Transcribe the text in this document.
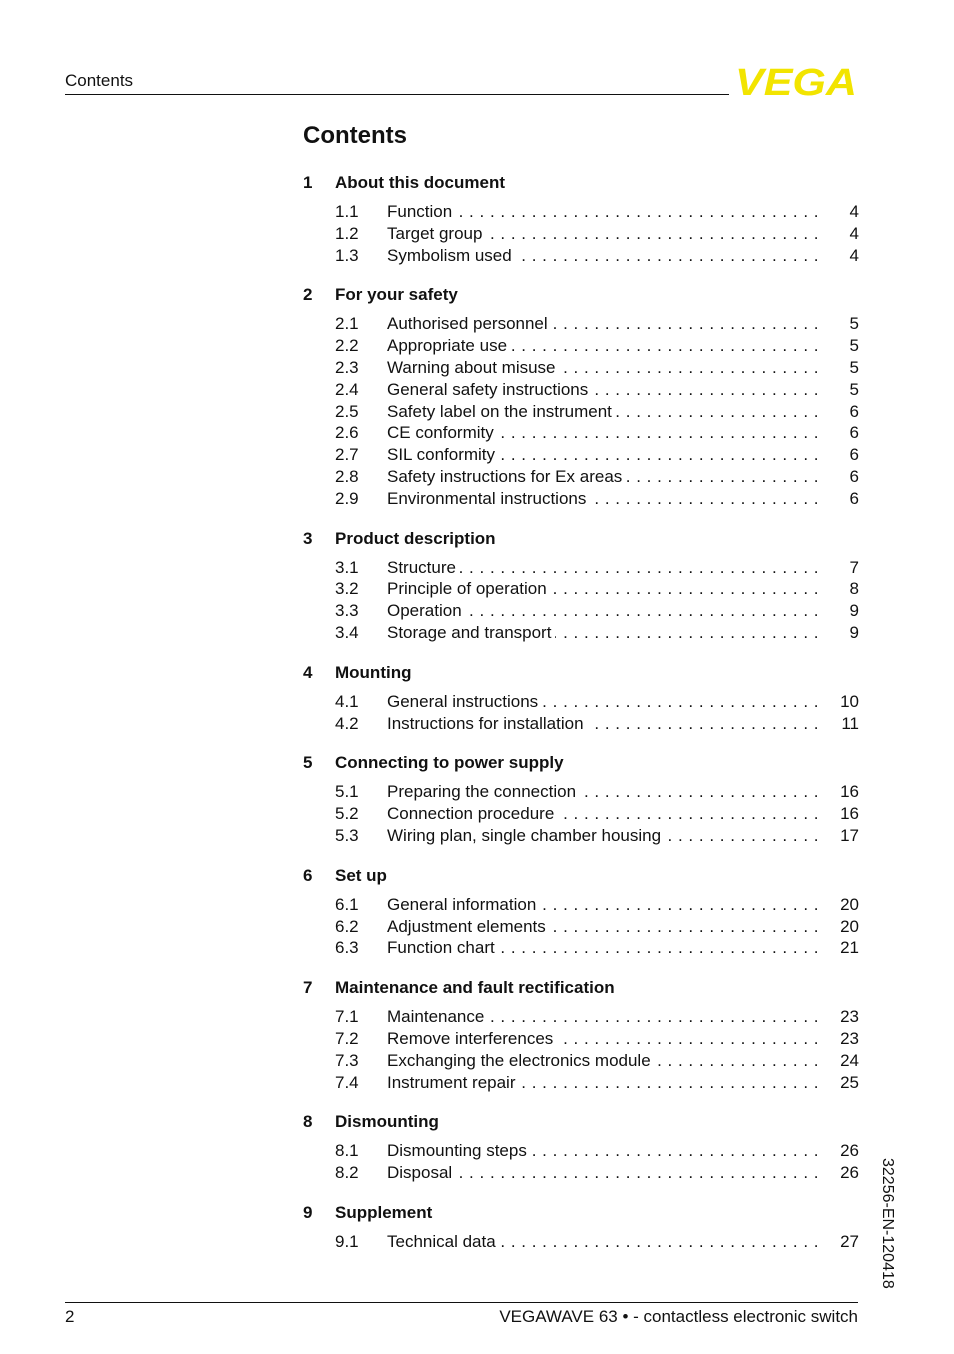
Contents	VEGA
Contents
1	About this document
1.1	Function . . .	4
1.2	Target group . . .	4
1.3	Symbolism used . . .	4
2	For your safety
2.1	Authorised personnel . . .	5
2.2	Appropriate use . . .	5
2.3	Warning about misuse . . .	5
2.4	General safety instructions . . .	5
2.5	Safety label on the instrument . . .	6
2.6	CE conformity . . .	6
2.7	SIL conformity . . .	6
2.8	Safety instructions for Ex areas . . .	6
2.9	Environmental instructions . . .	6
3	Product description
3.1	Structure . . .	7
3.2	Principle of operation . . .	8
3.3	Operation . . .	9
3.4	Storage and transport . . .	9
4	Mounting
4.1	General instructions . . .	10
4.2	Instructions for installation . . .	11
5	Connecting to power supply
5.1	Preparing the connection . . .	16
5.2	Connection procedure . . .	16
5.3	Wiring plan, single chamber housing . . .	17
6	Set up
6.1	General information . . .	20
6.2	Adjustment elements . . .	20
6.3	Function chart . . .	21
7	Maintenance and fault rectification
7.1	Maintenance . . .	23
7.2	Remove interferences . . .	23
7.3	Exchanging the electronics module . . .	24
7.4	Instrument repair . . .	25
8	Dismounting
8.1	Dismounting steps . . .	26
8.2	Disposal . . .	26
9	Supplement
9.1	Technical data . . .	27 32256-EN-120418
2	VEGAWAVE 63 • - contactless electronic switch
